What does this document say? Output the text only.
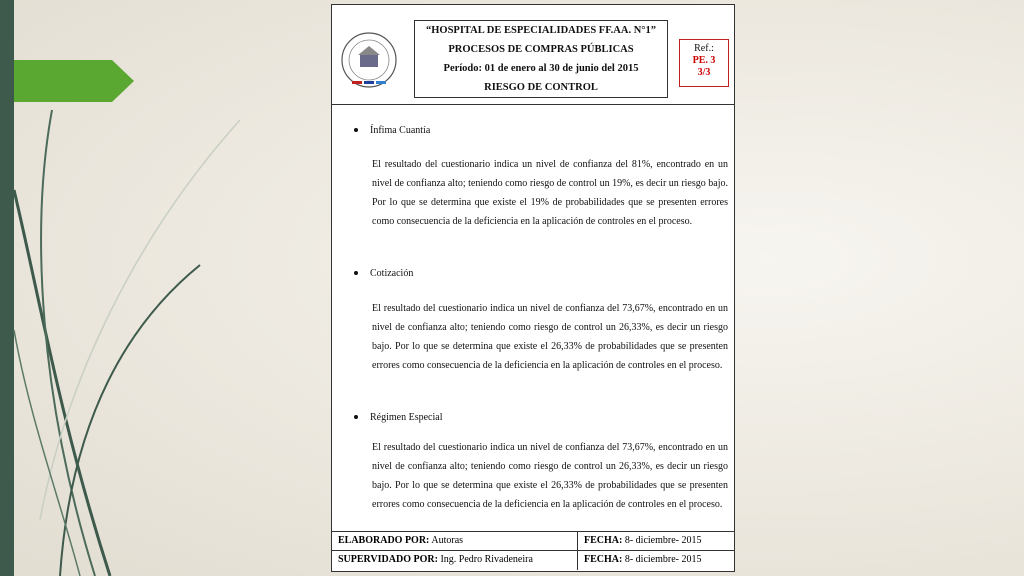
“HOSPITAL DE ESPECIALIDADES FF.AA. N°1”
PROCESOS DE COMPRAS PÚBLICAS
Período: 01 de enero al 30 de junio del 2015
RIESGO DE CONTROL
Ref.:
PE. 3
3/3
Ínfima Cuantía
El resultado del cuestionario indica un nivel de confianza del 81%, encontrado en un nivel de confianza alto; teniendo como riesgo de control un 19%, es decir un riesgo bajo. Por lo que se determina que existe el 19% de probabilidades que se presenten errores como consecuencia de la deficiencia en la aplicación de controles en el proceso.
Cotización
El resultado del cuestionario indica un nivel de confianza del 73,67%, encontrado en un nivel de confianza alto; teniendo como riesgo de control un 26,33%, es decir un riesgo bajo. Por lo que se determina que existe el 26,33% de probabilidades que se presenten errores como consecuencia de la deficiencia en la aplicación de controles en el proceso.
Régimen Especial
El resultado del cuestionario indica un nivel de confianza del 73,67%, encontrado en un nivel de confianza alto; teniendo como riesgo de control un 26,33%, es decir un riesgo bajo. Por lo que se determina que existe el 26,33% de probabilidades que se presenten errores como consecuencia de la deficiencia en la aplicación de controles en el proceso.
ELABORADO POR: Autoras	FECHA: 8- diciembre- 2015
SUPERVIDADO POR: Ing. Pedro Rivadeneira	FECHA: 8- diciembre- 2015
